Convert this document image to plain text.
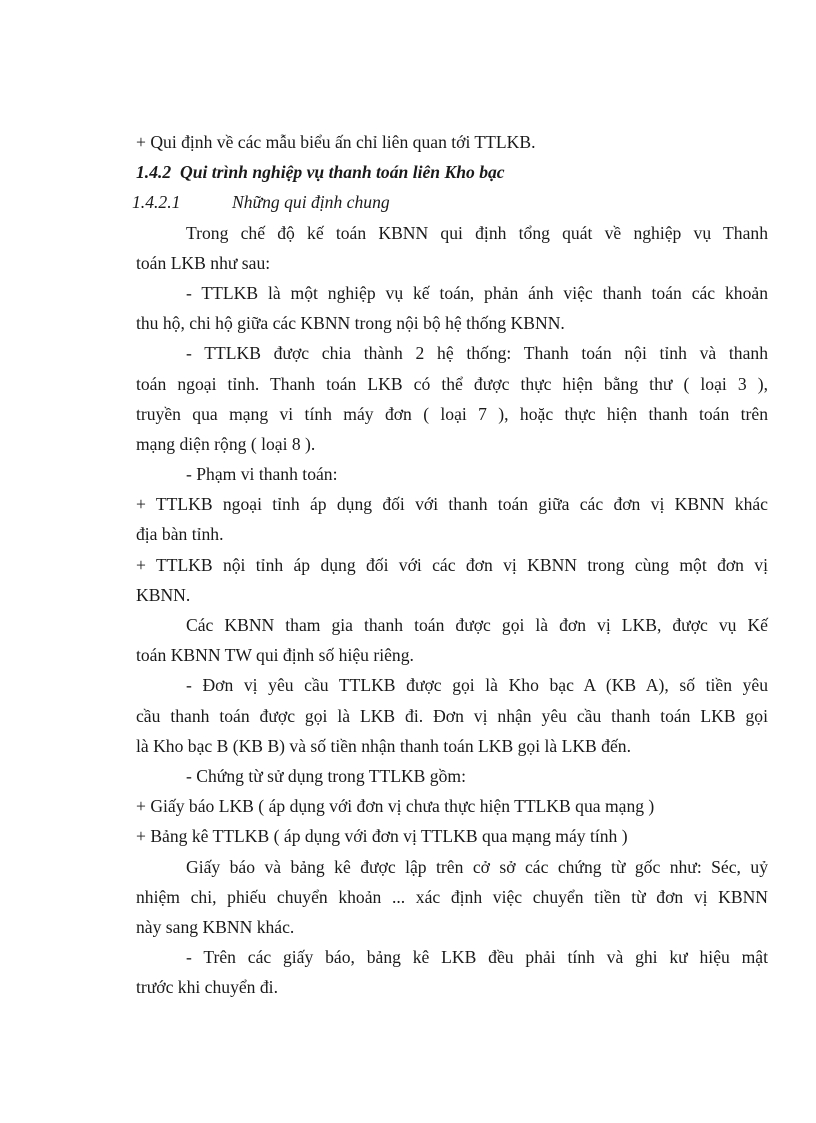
+ Qui định về các mẫu biểu ấn chỉ liên quan tới TTLKB.
1.4.2 Qui trình nghiệp vụ thanh toán liên Kho bạc
1.4.2.1	Những qui định chung
Trong chế độ kế toán KBNN qui định tổng quát về nghiệp vụ Thanh
toán LKB như sau:
- TTLKB là một nghiệp vụ kế toán, phản ánh việc thanh toán các khoản
thu hộ, chi hộ giữa các KBNN trong nội bộ hệ thống KBNN.
- TTLKB được chia thành 2 hệ thống: Thanh toán nội tỉnh và thanh
toán ngoại tỉnh. Thanh toán LKB có thể được thực hiện bằng thư ( loại 3 ),
truyền qua mạng vi tính máy đơn ( loại 7 ), hoặc thực hiện thanh toán trên
mạng diện rộng ( loại 8 ).
- Phạm vi thanh toán:
+ TTLKB ngoại tỉnh áp dụng đối với thanh toán giữa các đơn vị KBNN khác
địa bàn tỉnh.
+ TTLKB nội tỉnh áp dụng đối với các đơn vị KBNN trong cùng một đơn vị
KBNN.
Các KBNN tham gia thanh toán được gọi là đơn vị LKB, được vụ Kế
toán KBNN TW qui định số hiệu riêng.
- Đơn vị yêu cầu TTLKB được gọi là Kho bạc A (KB A), số tiền yêu
cầu thanh toán được gọi là LKB đi. Đơn vị nhận yêu cầu thanh toán LKB gọi
là Kho bạc B (KB B) và số tiền nhận thanh toán LKB gọi là LKB đến.
- Chứng từ sử dụng trong TTLKB gồm:
+ Giấy báo LKB ( áp dụng với đơn vị chưa thực hiện TTLKB qua mạng )
+ Bảng kê TTLKB ( áp dụng với đơn vị TTLKB qua mạng máy tính )
Giấy báo và bảng kê được lập trên cở sở các chứng từ gốc như: Séc, uỷ
nhiệm chi, phiếu chuyển khoản ... xác định việc chuyển tiền từ đơn vị KBNN
này sang KBNN khác.
- Trên các giấy báo, bảng kê LKB đều phải tính và ghi kư hiệu mật
trước khi chuyển đi.
